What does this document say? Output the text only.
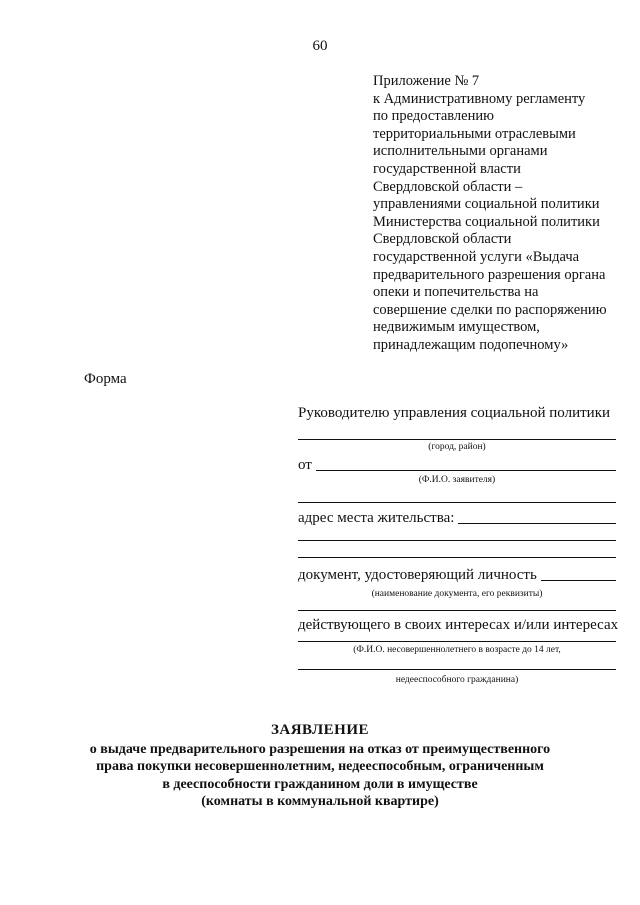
60
Приложение № 7
к Административному регламенту
по предоставлению
территориальными отраслевыми
исполнительными органами
государственной власти
Свердловской области –
управлениями социальной политики
Министерства социальной политики
Свердловской области
государственной услуги «Выдача
предварительного разрешения органа
опеки и попечительства на
совершение сделки по распоряжению
недвижимым имуществом,
принадлежащим подопечному»
Форма
Руководителю управления социальной политики
(город, район)
от
(Ф.И.О. заявителя)
адрес места жительства:
документ, удостоверяющий личность
(наименование документа, его реквизиты)
действующего в своих интересах и/или интересах
(Ф.И.О. несовершеннолетнего в возрасте до 14 лет,
недееспособного гражданина)
ЗАЯВЛЕНИЕ
о выдаче предварительного разрешения на отказ от преимущественного
права покупки несовершеннолетним, недееспособным, ограниченным
в дееспособности гражданином доли в имуществе
(комнаты в коммунальной квартире)
